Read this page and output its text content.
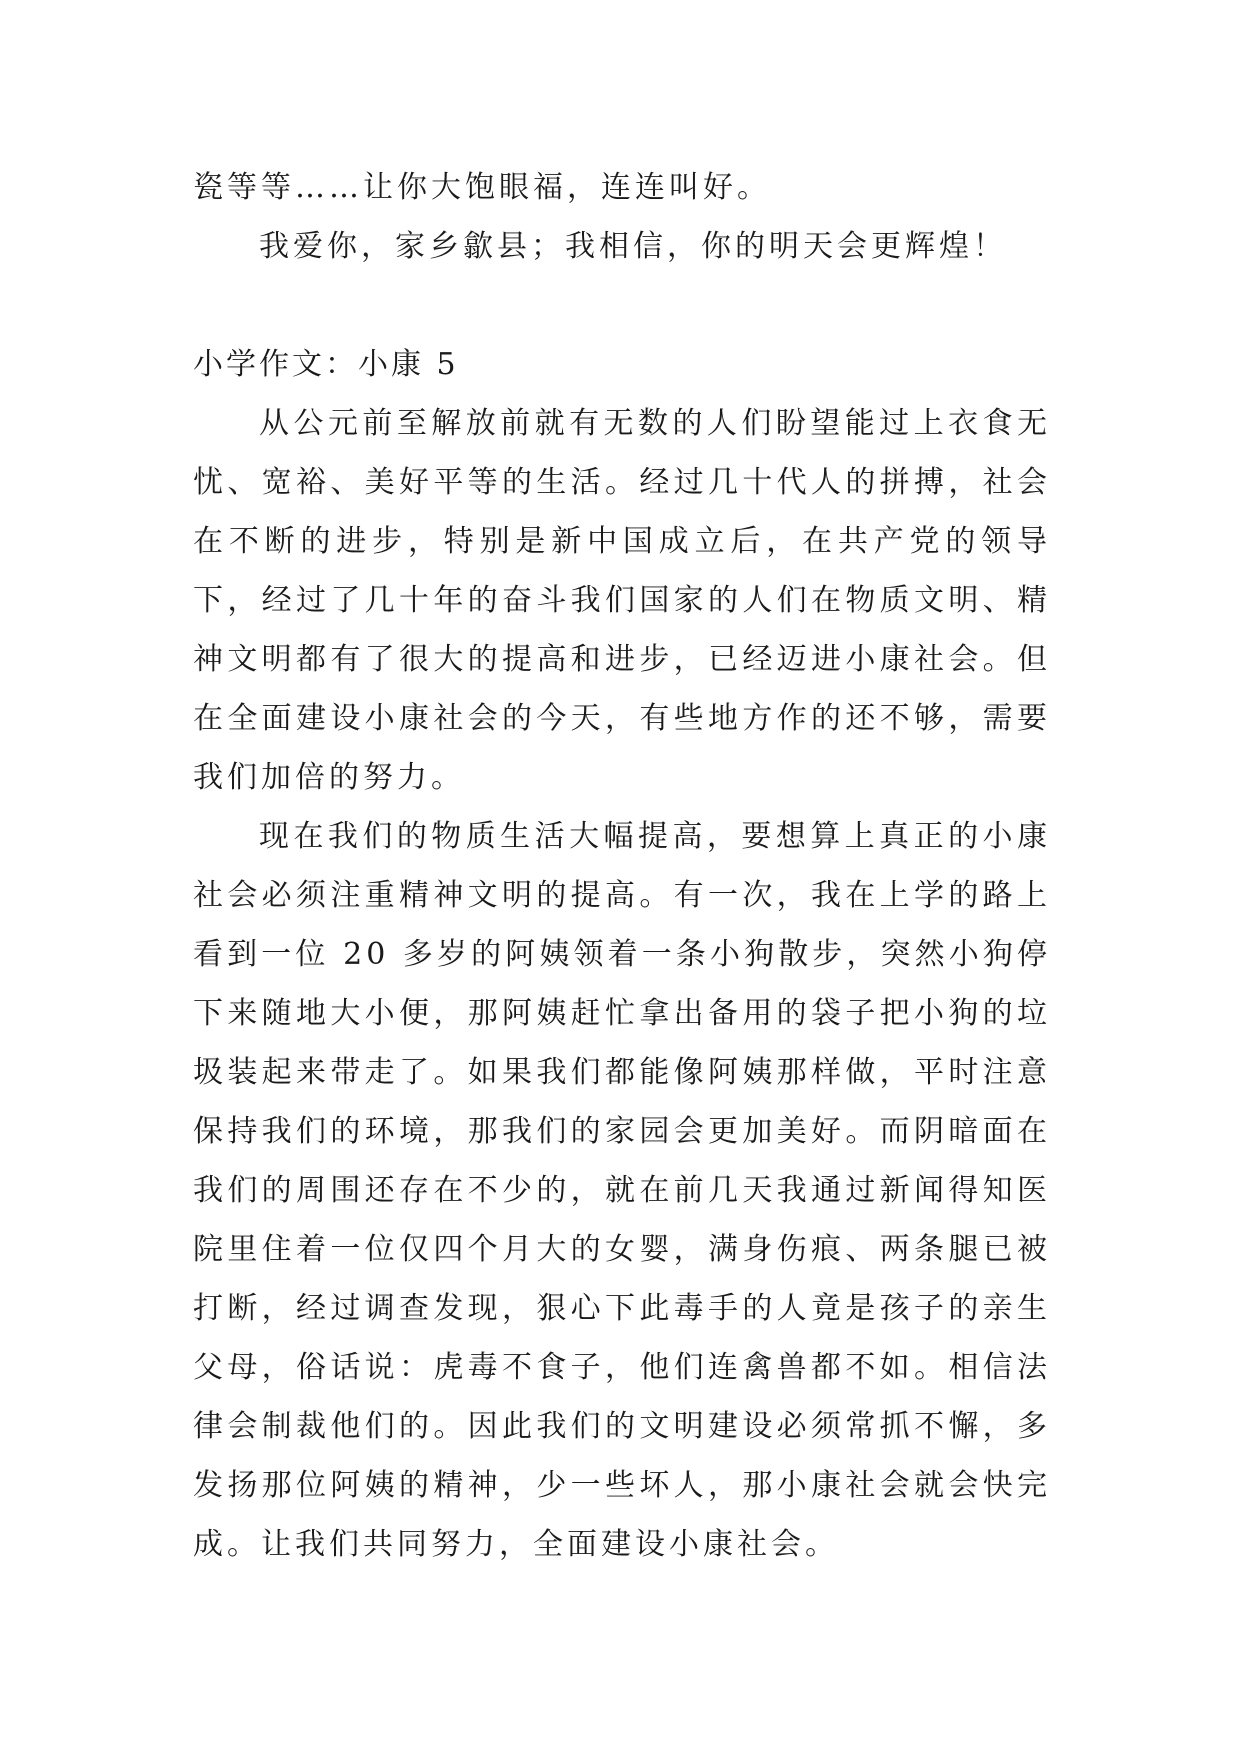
瓷等等……让你大饱眼福，连连叫好。

我爱你，家乡歙县；我相信，你的明天会更辉煌！

小学作文：小康 5

从公元前至解放前就有无数的人们盼望能过上衣食无忧、宽裕、美好平等的生活。经过几十代人的拼搏，社会在不断的进步，特别是新中国成立后，在共产党的领导下，经过了几十年的奋斗我们国家的人们在物质文明、精神文明都有了很大的提高和进步，已经迈进小康社会。但在全面建设小康社会的今天，有些地方作的还不够，需要我们加倍的努力。

现在我们的物质生活大幅提高，要想算上真正的小康社会必须注重精神文明的提高。有一次，我在上学的路上看到一位 20 多岁的阿姨领着一条小狗散步，突然小狗停下来随地大小便，那阿姨赶忙拿出备用的袋子把小狗的垃圾装起来带走了。如果我们都能像阿姨那样做，平时注意保持我们的环境，那我们的家园会更加美好。而阴暗面在我们的周围还存在不少的，就在前几天我通过新闻得知医院里住着一位仅四个月大的女婴，满身伤痕、两条腿已被打断，经过调查发现，狠心下此毒手的人竟是孩子的亲生父母，俗话说：虎毒不食子，他们连禽兽都不如。相信法律会制裁他们的。因此我们的文明建设必须常抓不懈，多发扬那位阿姨的精神，少一些坏人，那小康社会就会快完成。让我们共同努力，全面建设小康社会。
